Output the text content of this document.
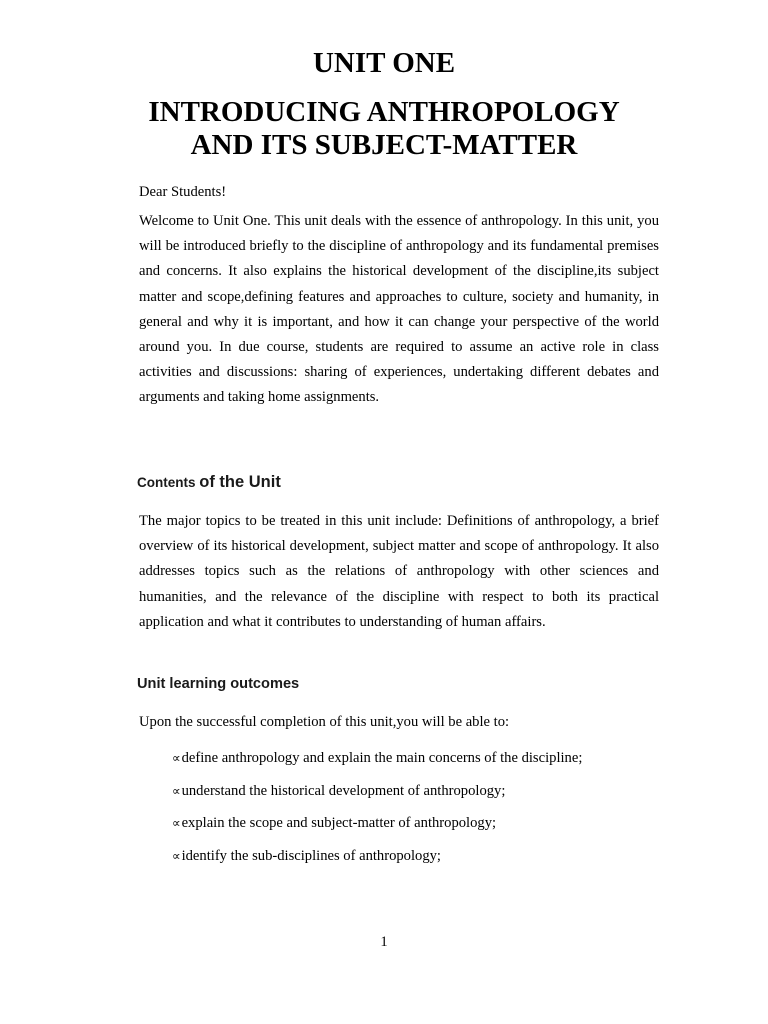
UNIT ONE
INTRODUCING ANTHROPOLOGY
AND ITS SUBJECT-MATTER

Dear Students!

Welcome to Unit One. This unit deals with the essence of anthropology. In this unit, you will be introduced briefly to the discipline of anthropology and its fundamental premises and concerns. It also explains the historical development of the discipline,its subject matter and scope,defining features and approaches to culture, society and humanity, in general and why it is important, and how it can change your perspective of the world around you. In due course, students are required to assume an active role in class activities and discussions: sharing of experiences, undertaking different debates and arguments and taking home assignments.

Contents of the Unit

The major topics to be treated in this unit include: Definitions of anthropology, a brief overview of its historical development, subject matter and scope of anthropology. It also addresses topics such as the relations of anthropology with other sciences and humanities, and the relevance of the discipline with respect to both its practical application and what it contributes to understanding of human affairs.

Unit learning outcomes

Upon the successful completion of this unit,you will be able to:

∝define anthropology and explain the main concerns of the discipline;
∝understand the historical development of anthropology;
∝explain the scope and subject-matter of anthropology;
∝identify the sub-disciplines of anthropology;

1
